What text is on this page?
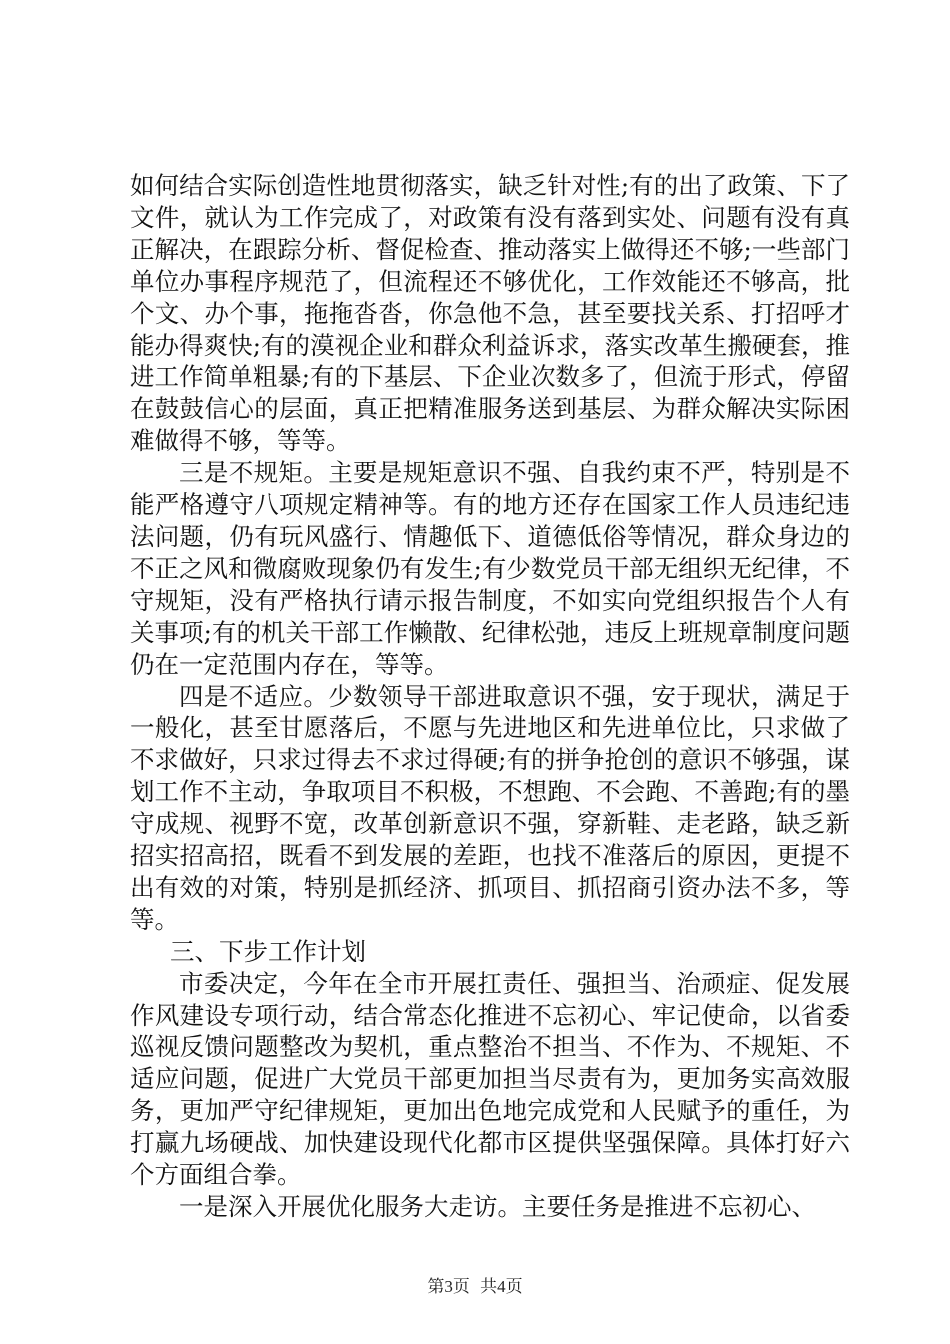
如何结合实际创造性地贯彻落实，缺乏针对性;有的出了政策、下了文件，就认为工作完成了，对政策有没有落到实处、问题有没有真正解决，在跟踪分析、督促检查、推动落实上做得还不够;一些部门单位办事程序规范了，但流程还不够优化，工作效能还不够高，批个文、办个事，拖拖沓沓，你急他不急，甚至要找关系、打招呼才能办得爽快;有的漠视企业和群众利益诉求，落实改革生搬硬套，推进工作简单粗暴;有的下基层、下企业次数多了，但流于形式，停留在鼓鼓信心的层面，真正把精准服务送到基层、为群众解决实际困难做得不够，等等。

三是不规矩。主要是规矩意识不强、自我约束不严，特别是不能严格遵守八项规定精神等。有的地方还存在国家工作人员违纪违法问题，仍有玩风盛行、情趣低下、道德低俗等情况，群众身边的不正之风和微腐败现象仍有发生;有少数党员干部无组织无纪律，不守规矩，没有严格执行请示报告制度，不如实向党组织报告个人有关事项;有的机关干部工作懒散、纪律松弛，违反上班规章制度问题仍在一定范围内存在，等等。

四是不适应。少数领导干部进取意识不强，安于现状，满足于一般化，甚至甘愿落后，不愿与先进地区和先进单位比，只求做了不求做好，只求过得去不求过得硬;有的拼争抢创的意识不够强，谋划工作不主动，争取项目不积极，不想跑、不会跑、不善跑;有的墨守成规、视野不宽，改革创新意识不强，穿新鞋、走老路，缺乏新招实招高招，既看不到发展的差距，也找不准落后的原因，更提不出有效的对策，特别是抓经济、抓项目、抓招商引资办法不多，等等。

三、下步工作计划

市委决定，今年在全市开展扛责任、强担当、治顽症、促发展作风建设专项行动，结合常态化推进不忘初心、牢记使命，以省委巡视反馈问题整改为契机，重点整治不担当、不作为、不规矩、不适应问题，促进广大党员干部更加担当尽责有为，更加务实高效服务，更加严守纪律规矩，更加出色地完成党和人民赋予的重任，为打赢九场硬战、加快建设现代化都市区提供坚强保障。具体打好六个方面组合拳。

一是深入开展优化服务大走访。主要任务是推进不忘初心、

第3页 共4页
